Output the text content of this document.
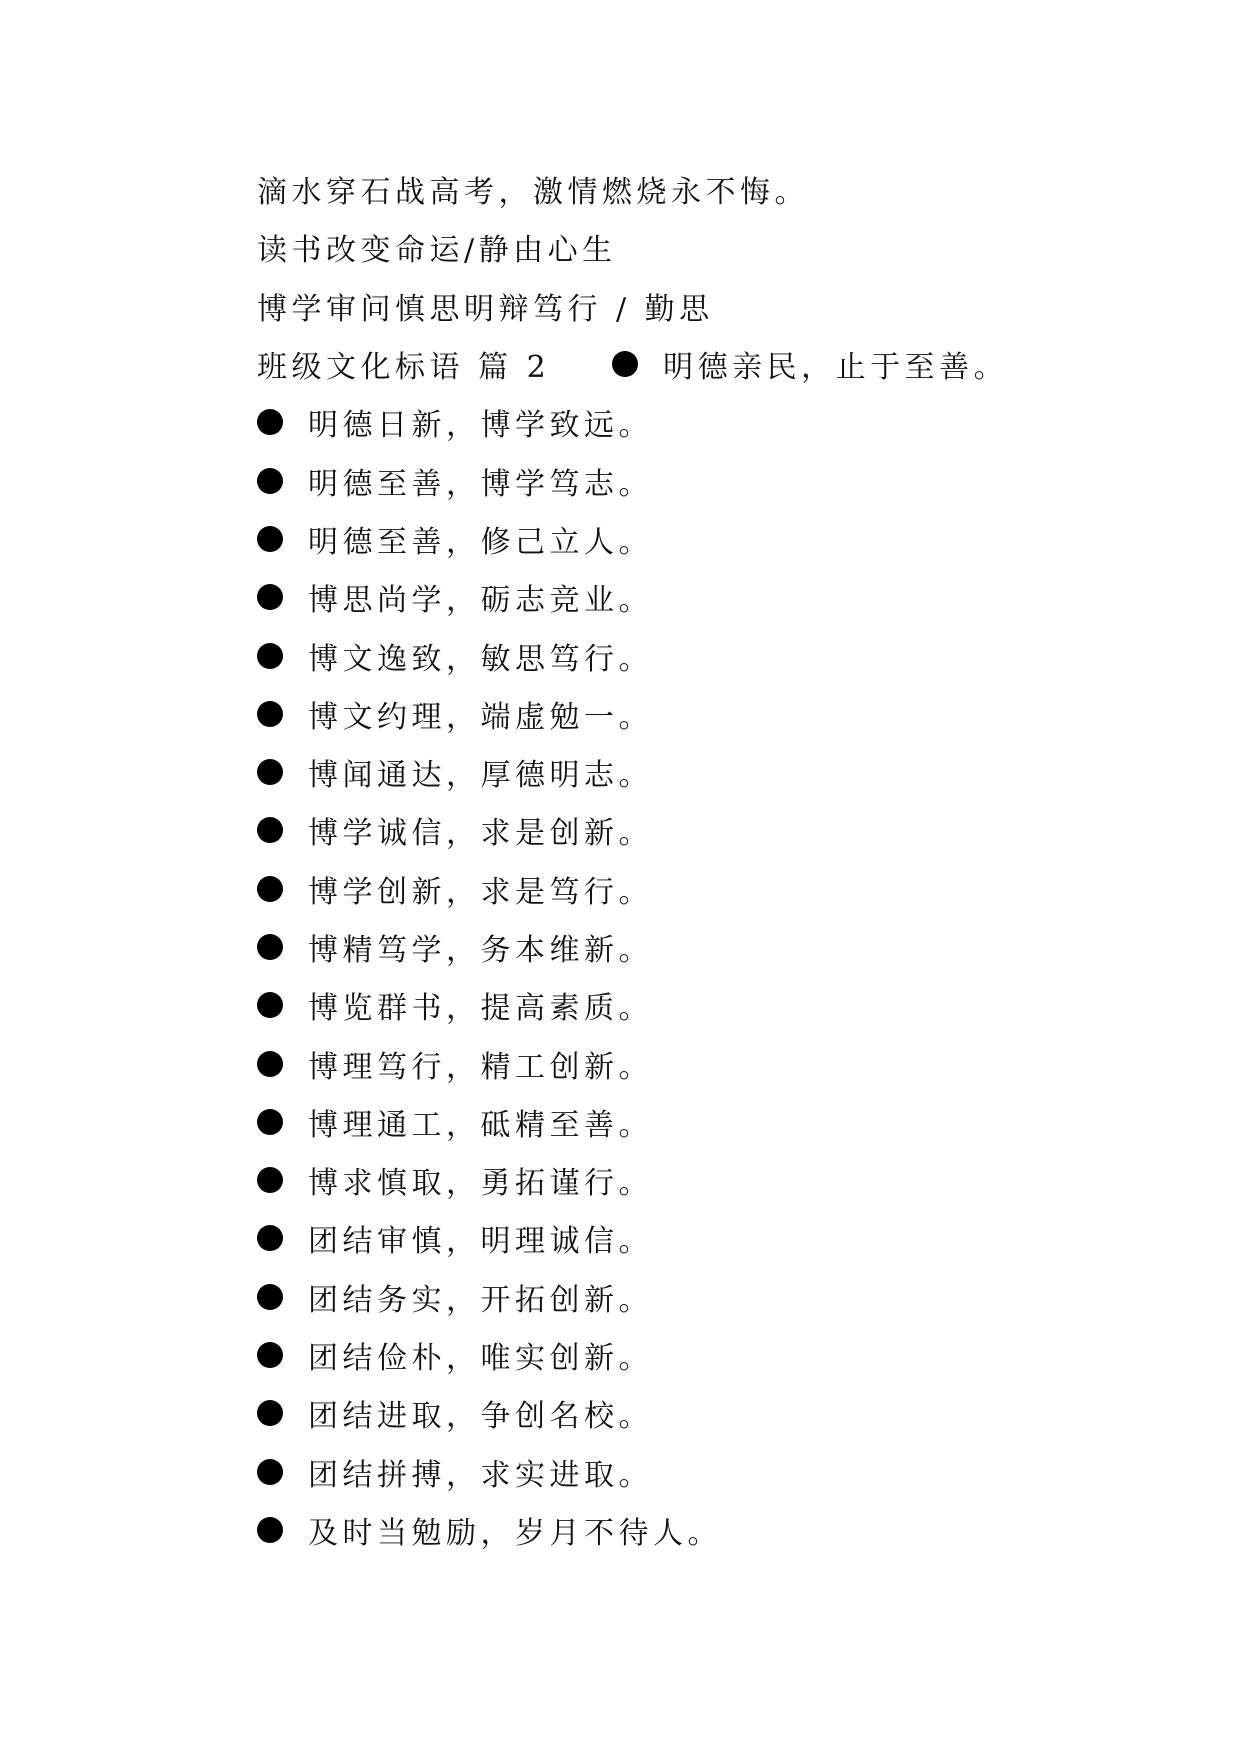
滴水穿石战高考，激情燃烧永不悔。
读书改变命运/静由心生
博学审问慎思明辩笃行 / 勤思
班级文化标语 篇 2	明德亲民，止于至善。
明德日新，博学致远。
明德至善，博学笃志。
明德至善，修己立人。
博思尚学，砺志竞业。
博文逸致，敏思笃行。
博文约理，端虚勉一。
博闻通达，厚德明志。
博学诚信，求是创新。
博学创新，求是笃行。
博精笃学，务本维新。
博览群书，提高素质。
博理笃行，精工创新。
博理通工，砥精至善。
博求慎取，勇拓谨行。
团结审慎，明理诚信。
团结务实，开拓创新。
团结俭朴，唯实创新。
团结进取，争创名校。
团结拼搏，求实进取。
及时当勉励，岁月不待人。
